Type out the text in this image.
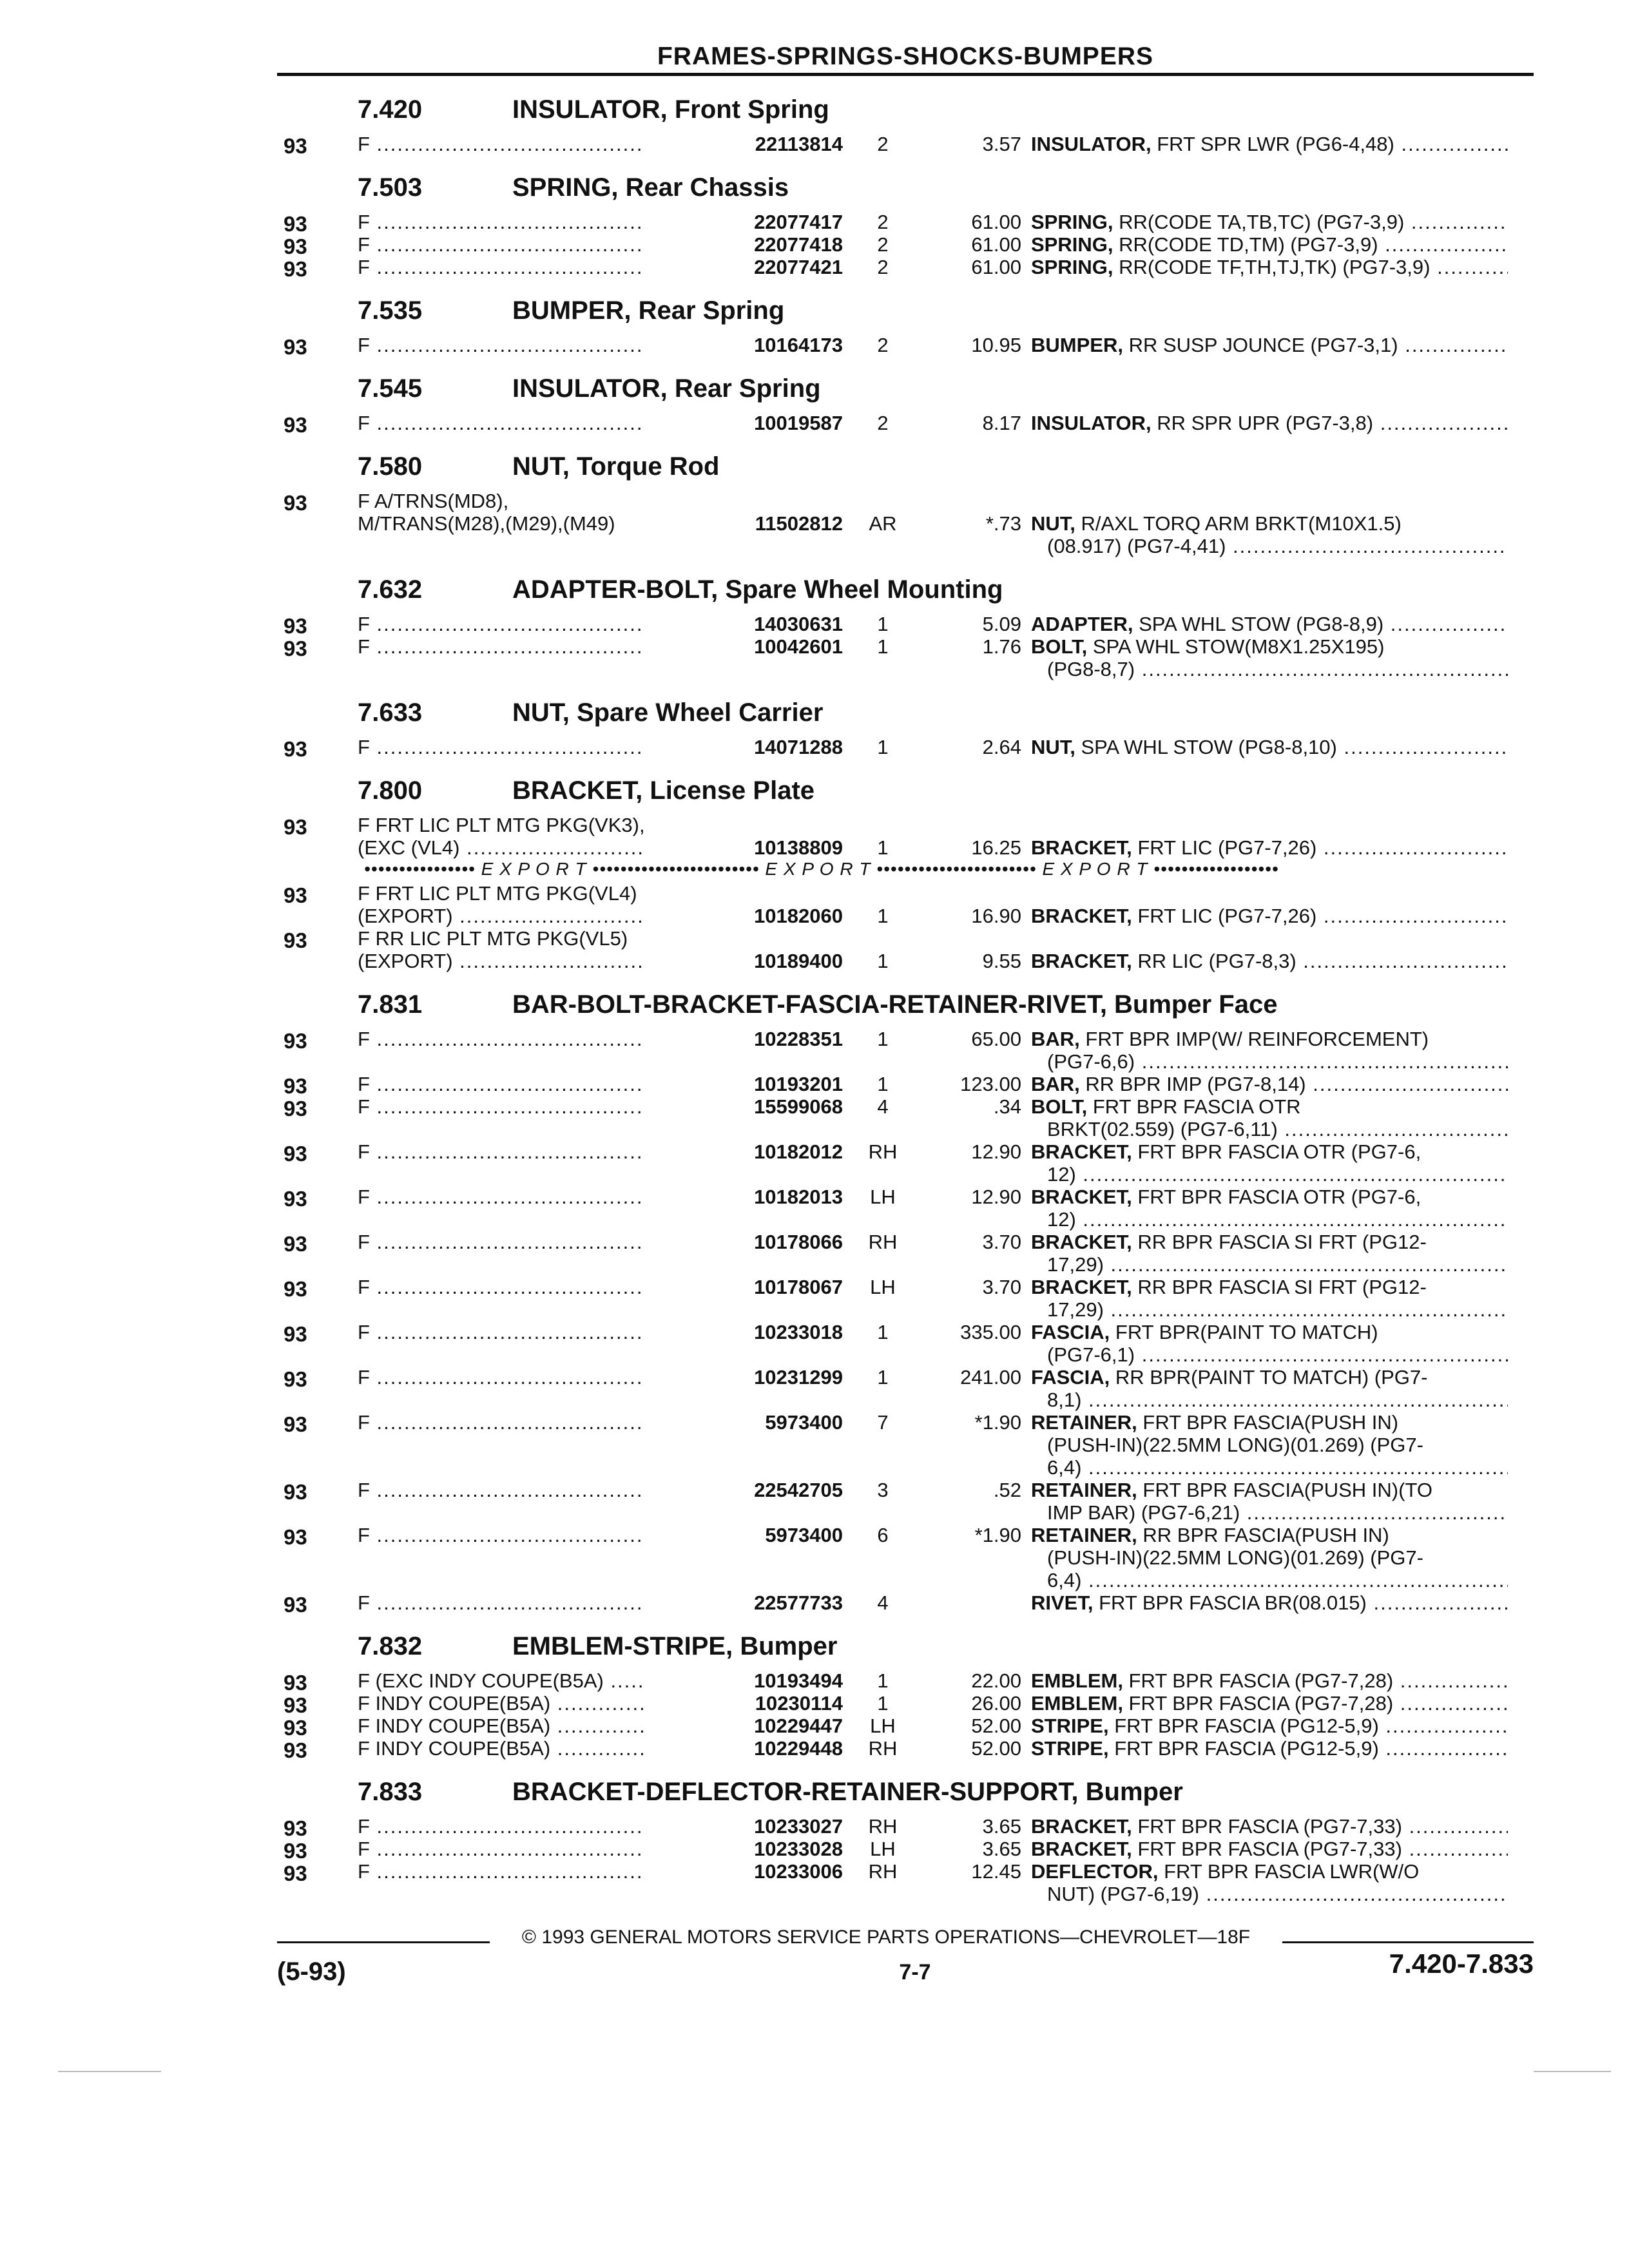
FRAMES-SPRINGS-SHOCKS-BUMPERS
7.420	INSULATOR, Front Spring
93	F .....	22113814	2	3.57 INSULATOR, FRT SPR LWR (PG6-4,48) .....
7.503	SPRING, Rear Chassis
93	F .....	22077417	2	61.00 SPRING, RR(CODE TA,TB,TC) (PG7-3,9) .....
93	F .....	22077418	2	61.00 SPRING, RR(CODE TD,TM) (PG7-3,9) .....
93	F .....	22077421	2	61.00 SPRING, RR(CODE TF,TH,TJ,TK) (PG7-3,9) .....
7.535	BUMPER, Rear Spring
93	F .....	10164173	2	10.95 BUMPER, RR SUSP JOUNCE (PG7-3,1) .....
7.545	INSULATOR, Rear Spring
93	F .....	10019587	2	8.17 INSULATOR, RR SPR UPR (PG7-3,8) .....
7.580	NUT, Torque Rod
93	F A/TRNS(MD8),
M/TRANS(M28),(M29),(M49)	11502812	AR	*.73 NUT, R/AXL TORQ ARM BRKT(M10X1.5)
(08.917) (PG7-4,41) .....
7.632	ADAPTER-BOLT, Spare Wheel Mounting
93	F .....	14030631	1	5.09 ADAPTER, SPA WHL STOW (PG8-8,9) .....
93	F .....	10042601	1	1.76 BOLT, SPA WHL STOW(M8X1.25X195)
(PG8-8,7) .....
7.633	NUT, Spare Wheel Carrier
93	F .....	14071288	1	2.64 NUT, SPA WHL STOW (PG8-8,10) .....
7.800	BRACKET, License Plate
93	F FRT LIC PLT MTG PKG(VK3),
(EXC (VL4) .....	10138809	1	16.25 BRACKET, FRT LIC (PG7-7,26) .....
•••••••••••••••• E X P O R T •••••••••••••••••••••••• E X P O R T ••••••••••••••••••••••• E X P O R T ••••••••••••••••••
93	F FRT LIC PLT MTG PKG(VL4)
(EXPORT) .....	10182060	1	16.90 BRACKET, FRT LIC (PG7-7,26) .....
93	F RR LIC PLT MTG PKG(VL5)
(EXPORT) .....	10189400	1	9.55 BRACKET, RR LIC (PG7-8,3) .....
7.831	BAR-BOLT-BRACKET-FASCIA-RETAINER-RIVET, Bumper Face
93	F .....	10228351	1	65.00 BAR, FRT BPR IMP(W/ REINFORCEMENT)
(PG7-6,6) .....
93	F .....	10193201	1	123.00 BAR, RR BPR IMP (PG7-8,14) .....
93	F .....	15599068	4	.34 BOLT, FRT BPR FASCIA OTR
BRKT(02.559) (PG7-6,11) .....
93	F .....	10182012	RH	12.90 BRACKET, FRT BPR FASCIA OTR (PG7-6,
12) .....
93	F .....	10182013	LH	12.90 BRACKET, FRT BPR FASCIA OTR (PG7-6,
12) .....
93	F .....	10178066	RH	3.70 BRACKET, RR BPR FASCIA SI FRT (PG12-
17,29) .....
93	F .....	10178067	LH	3.70 BRACKET, RR BPR FASCIA SI FRT (PG12-
17,29) .....
93	F .....	10233018	1	335.00 FASCIA, FRT BPR(PAINT TO MATCH)
(PG7-6,1) .....
93	F .....	10231299	1	241.00 FASCIA, RR BPR(PAINT TO MATCH) (PG7-
8,1) .....
93	F .....	5973400	7	*1.90 RETAINER, FRT BPR FASCIA(PUSH IN)
(PUSH-IN)(22.5MM LONG)(01.269) (PG7-
6,4) .....
93	F .....	22542705	3	.52 RETAINER, FRT BPR FASCIA(PUSH IN)(TO
IMP BAR) (PG7-6,21) .....
93	F .....	5973400	6	*1.90 RETAINER, RR BPR FASCIA(PUSH IN)
(PUSH-IN)(22.5MM LONG)(01.269) (PG7-
6,4) .....
93	F .....	22577733	4	RIVET, FRT BPR FASCIA BR(08.015) .....
7.832	EMBLEM-STRIPE, Bumper
93	F (EXC INDY COUPE(B5A) .....	10193494	1	22.00 EMBLEM, FRT BPR FASCIA (PG7-7,28) .....
93	F INDY COUPE(B5A) .....	10230114	1	26.00 EMBLEM, FRT BPR FASCIA (PG7-7,28) .....
93	F INDY COUPE(B5A) .....	10229447	LH	52.00 STRIPE, FRT BPR FASCIA (PG12-5,9) .....
93	F INDY COUPE(B5A) .....	10229448	RH	52.00 STRIPE, FRT BPR FASCIA (PG12-5,9) .....
7.833	BRACKET-DEFLECTOR-RETAINER-SUPPORT, Bumper
93	F .....	10233027	RH	3.65 BRACKET, FRT BPR FASCIA (PG7-7,33) .....
93	F .....	10233028	LH	3.65 BRACKET, FRT BPR FASCIA (PG7-7,33) .....
93	F .....	10233006	RH	12.45 DEFLECTOR, FRT BPR FASCIA LWR(W/O
NUT) (PG7-6,19) .....
© 1993 GENERAL MOTORS SERVICE PARTS OPERATIONS—CHEVROLET—18F
(5-93)	7-7	7.420-7.833
